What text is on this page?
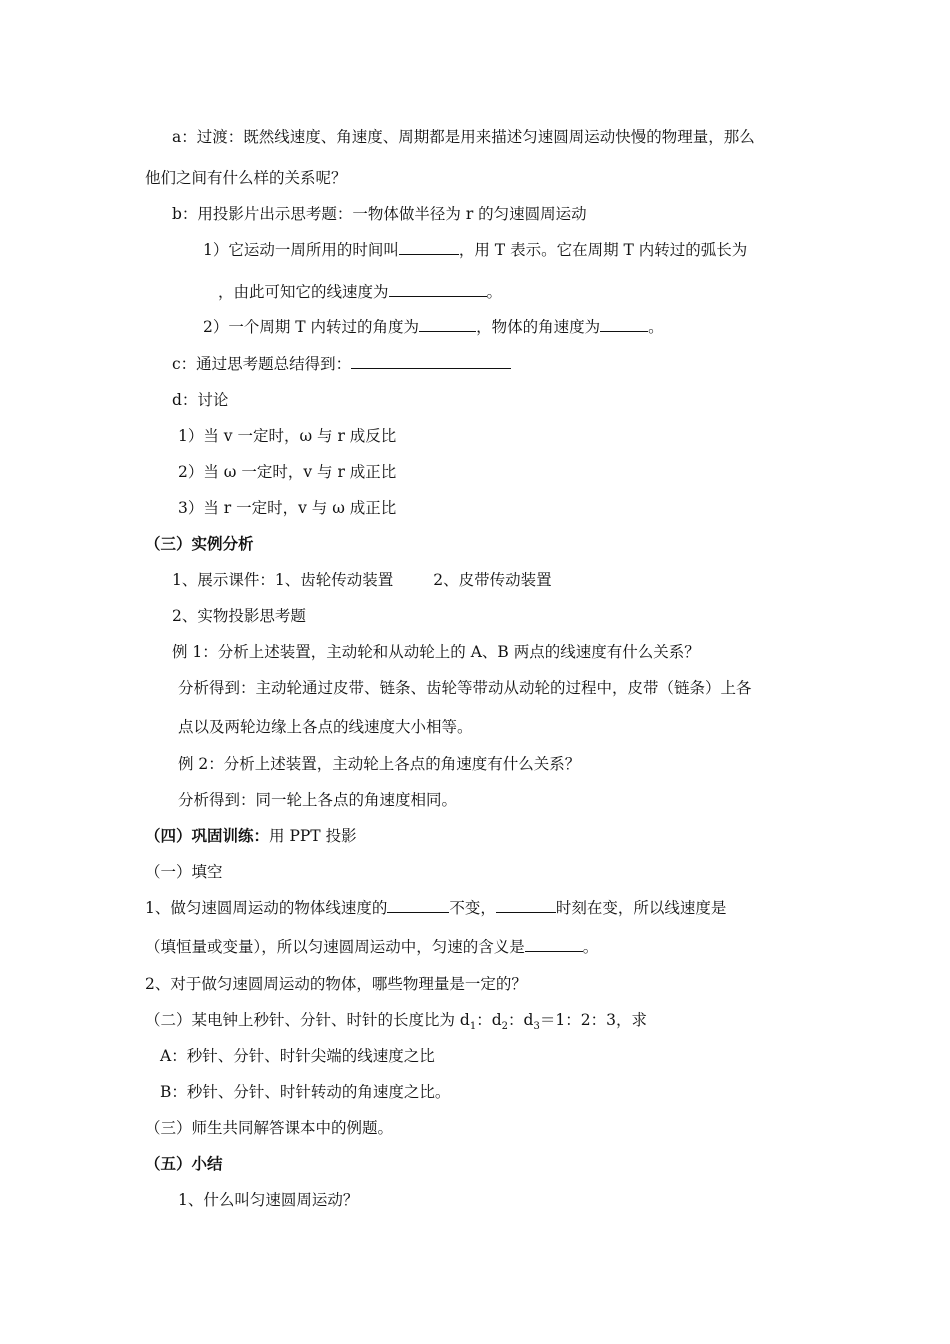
a：过渡：既然线速度、角速度、周期都是用来描述匀速圆周运动快慢的物理量，那么
他们之间有什么样的关系呢？
b：用投影片出示思考题：一物体做半径为 r 的匀速圆周运动
1）它运动一周所用的时间叫	，用 T 表示。它在周期 T 内转过的弧长为
，由此可知它的线速度为	。
2）一个周期 T 内转过的角度为	，物体的角速度为	。
c：通过思考题总结得到：
d：讨论
1）当 v 一定时，ω 与 r 成反比
2）当 ω 一定时，v 与 r 成正比
3）当 r 一定时，v 与 ω 成正比
（三）实例分析
1、展示课件：1、齿轮传动装置	2、皮带传动装置
2、实物投影思考题
例 1：分析上述装置，主动轮和从动轮上的 A、B 两点的线速度有什么关系？
分析得到：主动轮通过皮带、链条、齿轮等带动从动轮的过程中，皮带（链条）上各
点以及两轮边缘上各点的线速度大小相等。
例 2：分析上述装置，主动轮上各点的角速度有什么关系？
分析得到：同一轮上各点的角速度相同。
（四）巩固训练：用 PPT 投影
（一）填空
1、做匀速圆周运动的物体线速度的	不变，	时刻在变，所以线速度是
（填恒量或变量），所以匀速圆周运动中，匀速的含义是	。
2、对于做匀速圆周运动的物体，哪些物理量是一定的？
（二）某电钟上秒针、分针、时针的长度比为 $d_1$：$d_2$：$d_3=1$：2：3，求
A：秒针、分针、时针尖端的线速度之比
B：秒针、分针、时针转动的角速度之比。
（三）师生共同解答课本中的例题。
（五）小结
1、什么叫匀速圆周运动？
